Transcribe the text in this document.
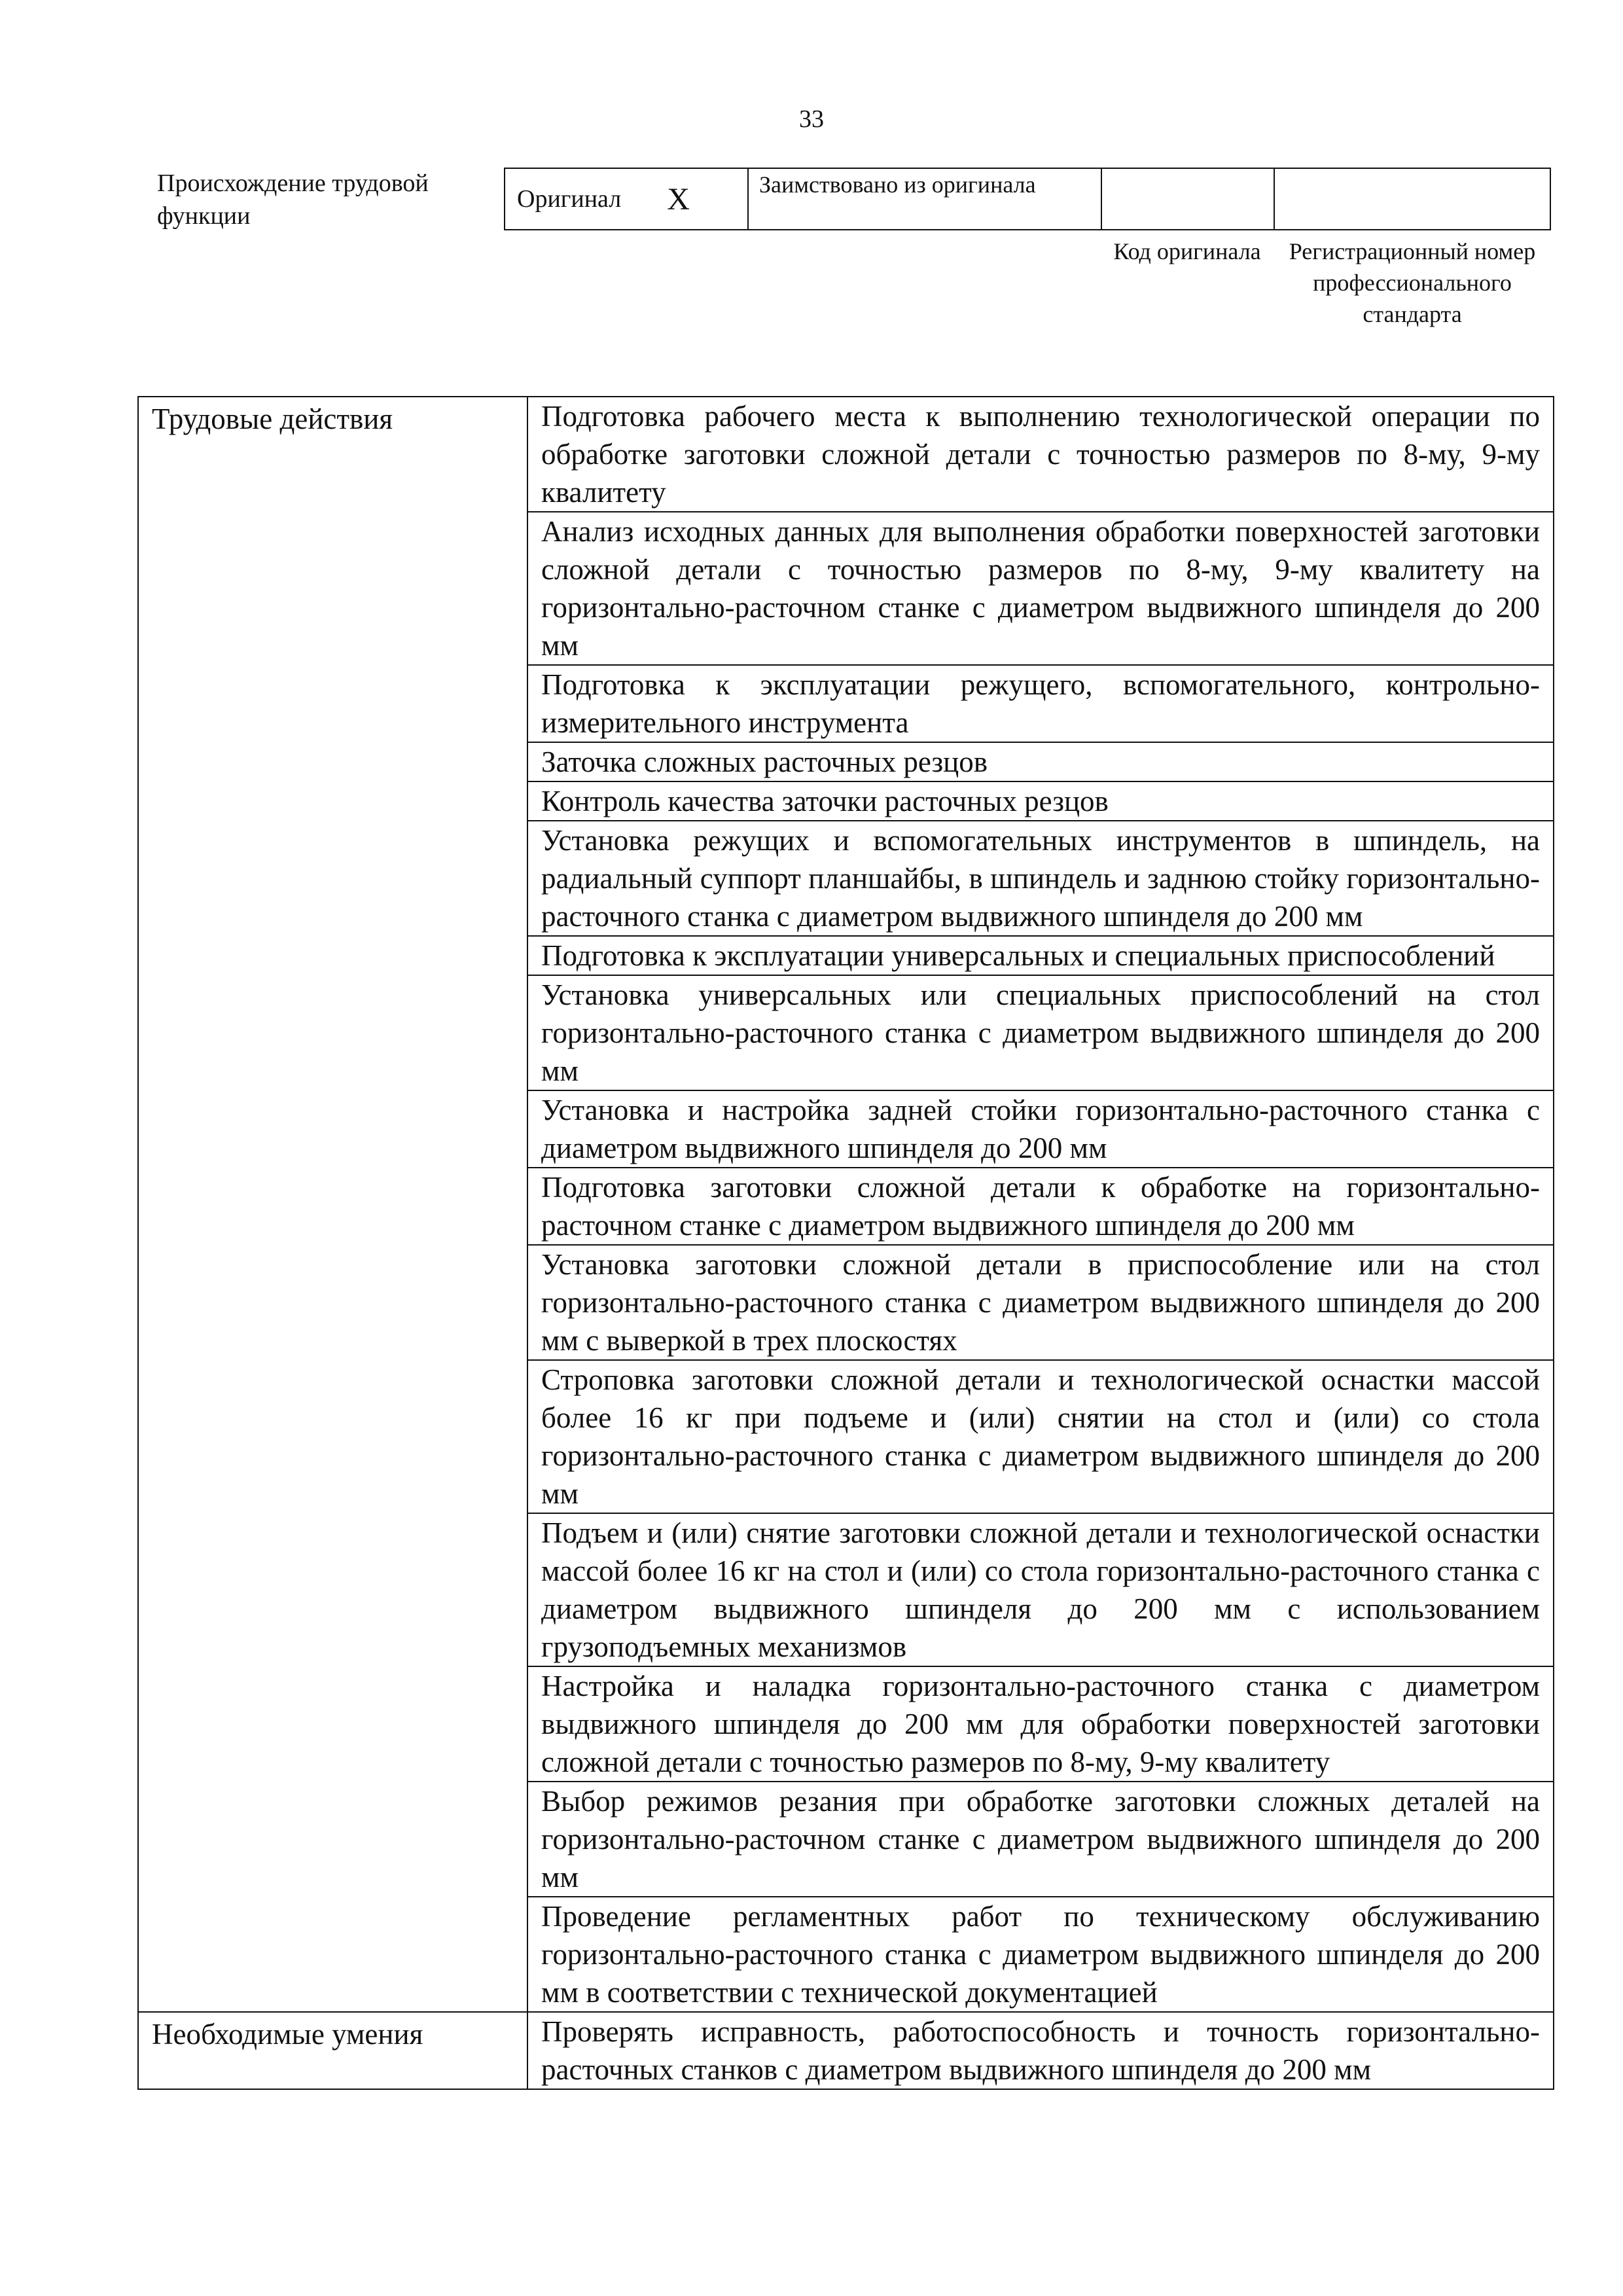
33
Происхождение трудовой функции
Оригинал X	Заимствовано из оригинала
Код оригинала	Регистрационный номер профессионального стандарта
Трудовые действия	Подготовка рабочего места к выполнению технологической операции по обработке заготовки сложной детали с точностью размеров по 8-му, 9-му квалитету
	Анализ исходных данных для выполнения обработки поверхностей заготовки сложной детали с точностью размеров по 8-му, 9-му квалитету на горизонтально-расточном станке с диаметром выдвижного шпинделя до 200 мм
	Подготовка к эксплуатации режущего, вспомогательного, контрольно-измерительного инструмента
	Заточка сложных расточных резцов
	Контроль качества заточки расточных резцов
	Установка режущих и вспомогательных инструментов в шпиндель, на радиальный суппорт планшайбы, в шпиндель и заднюю стойку горизонтально-расточного станка с диаметром выдвижного шпинделя до 200 мм
	Подготовка к эксплуатации универсальных и специальных приспособлений
	Установка универсальных или специальных приспособлений на стол горизонтально-расточного станка с диаметром выдвижного шпинделя до 200 мм
	Установка и настройка задней стойки горизонтально-расточного станка с диаметром выдвижного шпинделя до 200 мм
	Подготовка заготовки сложной детали к обработке на горизонтально-расточном станке с диаметром выдвижного шпинделя до 200 мм
	Установка заготовки сложной детали в приспособление или на стол горизонтально-расточного станка с диаметром выдвижного шпинделя до 200 мм с выверкой в трех плоскостях
	Строповка заготовки сложной детали и технологической оснастки массой более 16 кг при подъеме и (или) снятии на стол и (или) со стола горизонтально-расточного станка с диаметром выдвижного шпинделя до 200 мм
	Подъем и (или) снятие заготовки сложной детали и технологической оснастки массой более 16 кг на стол и (или) со стола горизонтально-расточного станка с диаметром выдвижного шпинделя до 200 мм с использованием грузоподъемных механизмов
	Настройка и наладка горизонтально-расточного станка с диаметром выдвижного шпинделя до 200 мм для обработки поверхностей заготовки сложной детали с точностью размеров по 8-му, 9-му квалитету
	Выбор режимов резания при обработке заготовки сложных деталей на горизонтально-расточном станке с диаметром выдвижного шпинделя до 200 мм
	Проведение регламентных работ по техническому обслуживанию горизонтально-расточного станка с диаметром выдвижного шпинделя до 200 мм в соответствии с технической документацией
Необходимые умения	Проверять исправность, работоспособность и точность горизонтально-расточных станков с диаметром выдвижного шпинделя до 200 мм
